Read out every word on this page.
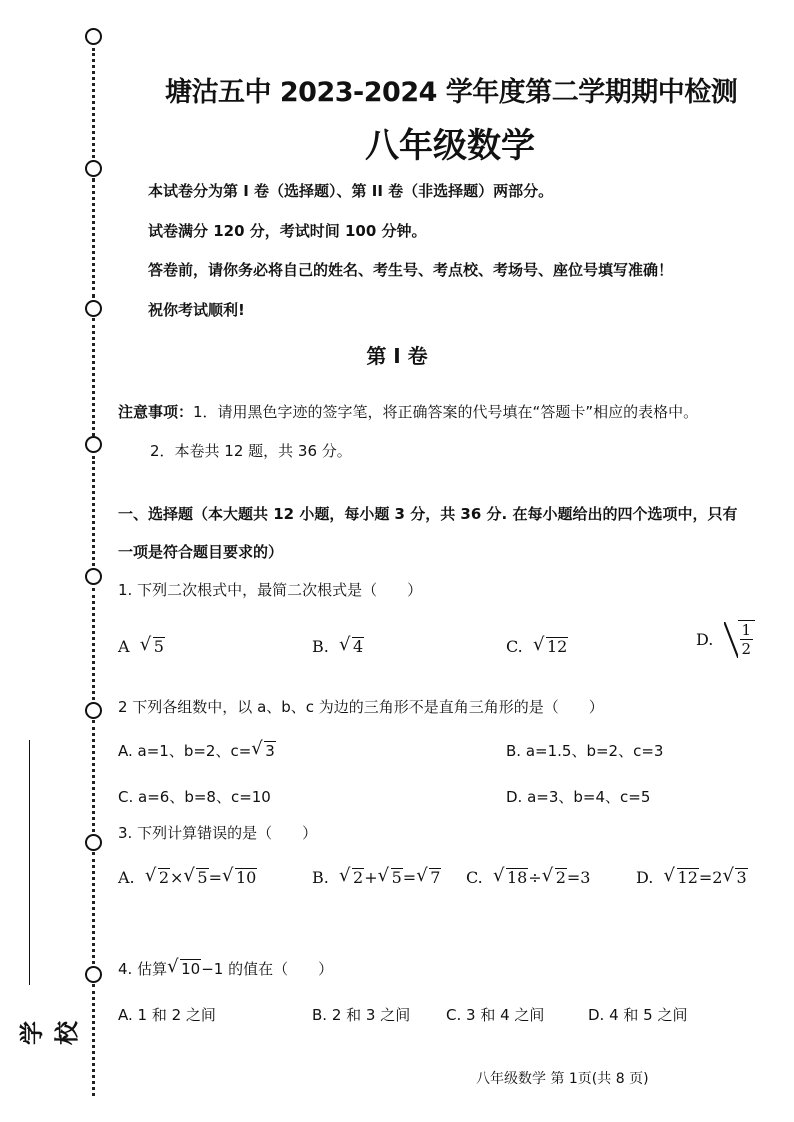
学校
塘沽五中 2023-2024 学年度第二学期期中检测
八年级数学
本试卷分为第 I 卷（选择题）、第 II 卷（非选择题）两部分。
试卷满分 120 分，考试时间 100 分钟。
答卷前，请你务必将自己的姓名、考生号、考点校、考场号、座位号填写准确！
祝你考试顺利!
第 I 卷
注意事项：1．请用黑色字迹的签字笔，将正确答案的代号填在“答题卡”相应的表格中。
2．本卷共 12 题，共 36 分。
一、选择题（本大题共 12 小题，每小题 3 分，共 36 分. 在每小题给出的四个选项中，只有
一项是符合题目要求的）
1. 下列二次根式中，最简二次根式是（　　）
A √ 5	B. √ 4	C. √ 12	D.
$\frac{1}{2}$
2 下列各组数中，以 a、b、c 为边的三角形不是直角三角形的是（　　）
A. a=1、b=2、c= √ 3	B. a=1.5、b=2、c=3
C. a=6、b=8、c=10	D. a=3、b=4、c=5
3. 下列计算错误的是（　　）
A. √ 2× √ 5= √ 10	B. √ 2+ √ 5= √ 7 C. √ 18÷ √ 2=3	D. √ 12=2 √ 3
4. 估算 √ 10−1 的值在（　　）
A. 1 和 2 之间	B. 2 和 3 之间 C. 3 和 4 之间	D. 4 和 5 之间
八年级数学 第 1页(共 8 页)
